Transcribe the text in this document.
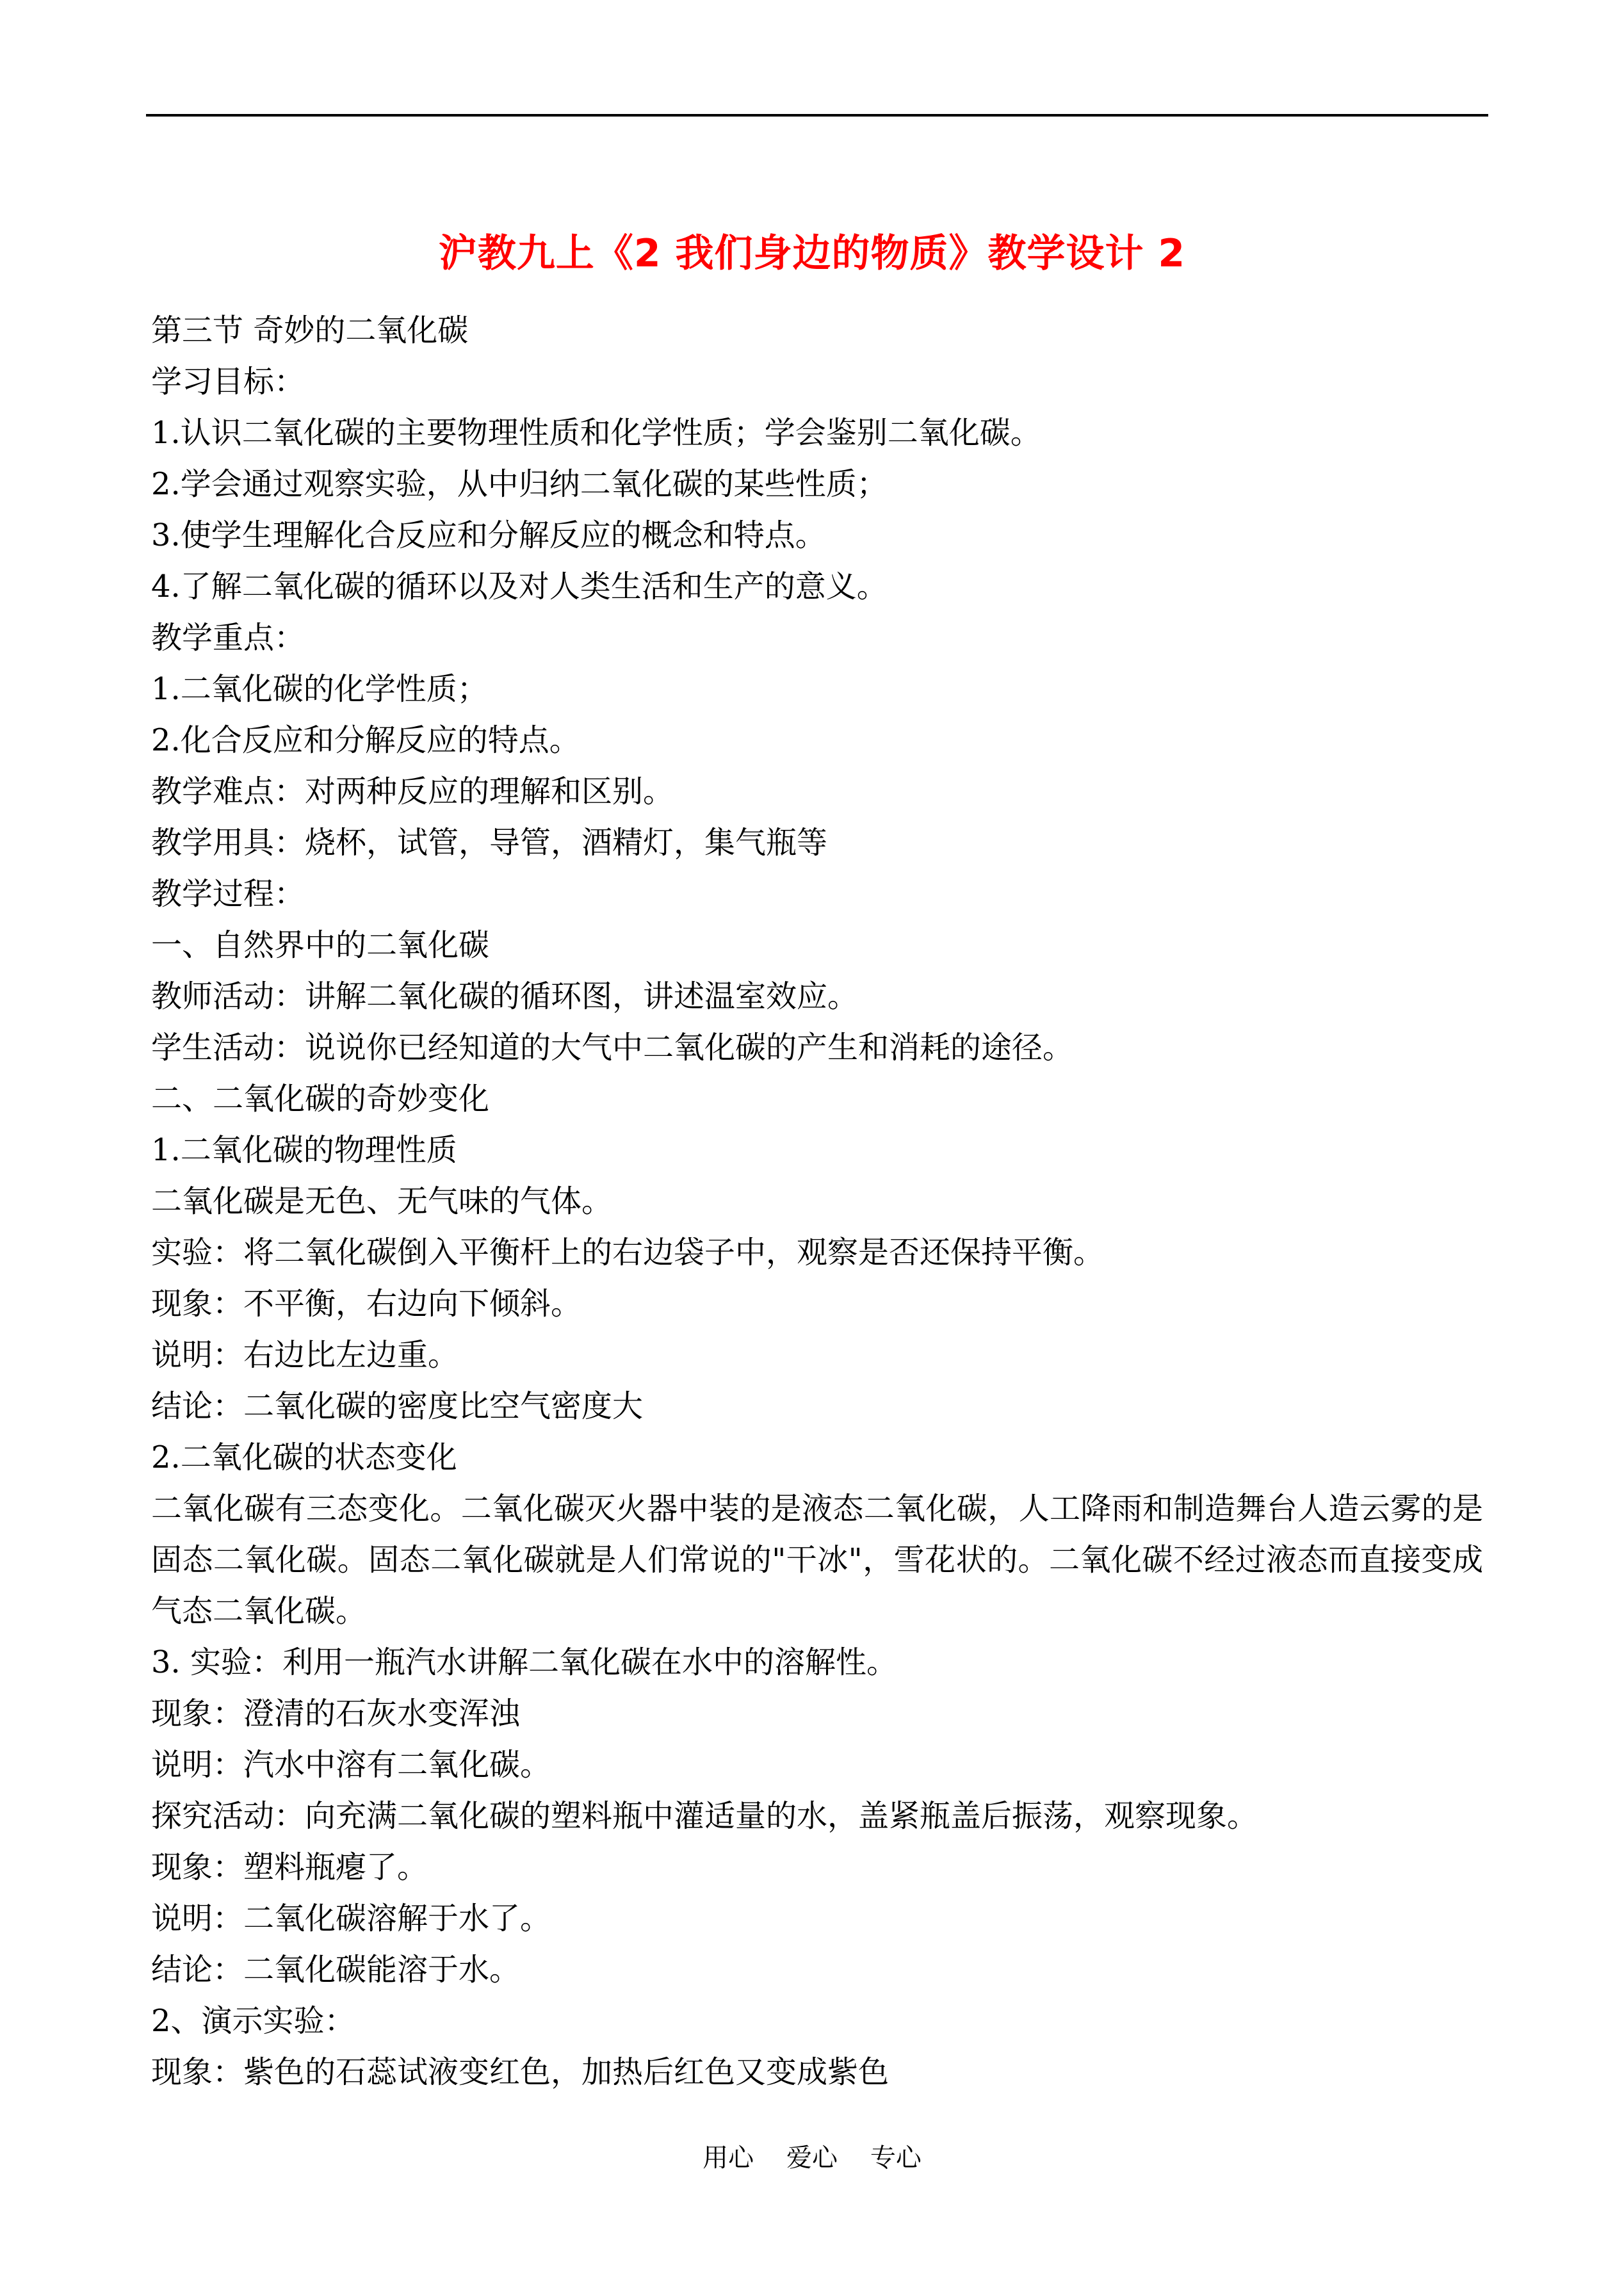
沪教九上《2 我们身边的物质》教学设计 2
第三节 奇妙的二氧化碳
学习目标：
1.认识二氧化碳的主要物理性质和化学性质；学会鉴别二氧化碳。
2.学会通过观察实验，从中归纳二氧化碳的某些性质；
3.使学生理解化合反应和分解反应的概念和特点。
4.了解二氧化碳的循环以及对人类生活和生产的意义。
教学重点：
1.二氧化碳的化学性质；
2.化合反应和分解反应的特点。
教学难点：对两种反应的理解和区别。
教学用具：烧杯，试管，导管，酒精灯，集气瓶等
教学过程：
一、自然界中的二氧化碳
教师活动：讲解二氧化碳的循环图，讲述温室效应。
学生活动：说说你已经知道的大气中二氧化碳的产生和消耗的途径。
二、二氧化碳的奇妙变化
1.二氧化碳的物理性质
二氧化碳是无色、无气味的气体。
实验：将二氧化碳倒入平衡杆上的右边袋子中，观察是否还保持平衡。
现象：不平衡，右边向下倾斜。
说明：右边比左边重。
结论：二氧化碳的密度比空气密度大
2.二氧化碳的状态变化
二氧化碳有三态变化。二氧化碳灭火器中装的是液态二氧化碳，人工降雨和制造舞台人造云雾的是固态二氧化碳。固态二氧化碳就是人们常说的"干冰"，雪花状的。二氧化碳不经过液态而直接变成气态二氧化碳。
3. 实验：利用一瓶汽水讲解二氧化碳在水中的溶解性。
现象：澄清的石灰水变浑浊
说明：汽水中溶有二氧化碳。
探究活动：向充满二氧化碳的塑料瓶中灌适量的水，盖紧瓶盖后振荡，观察现象。
现象：塑料瓶瘪了。
说明：二氧化碳溶解于水了。
结论：二氧化碳能溶于水。
2、演示实验：
现象：紫色的石蕊试液变红色，加热后红色又变成紫色
用心    爱心    专心
